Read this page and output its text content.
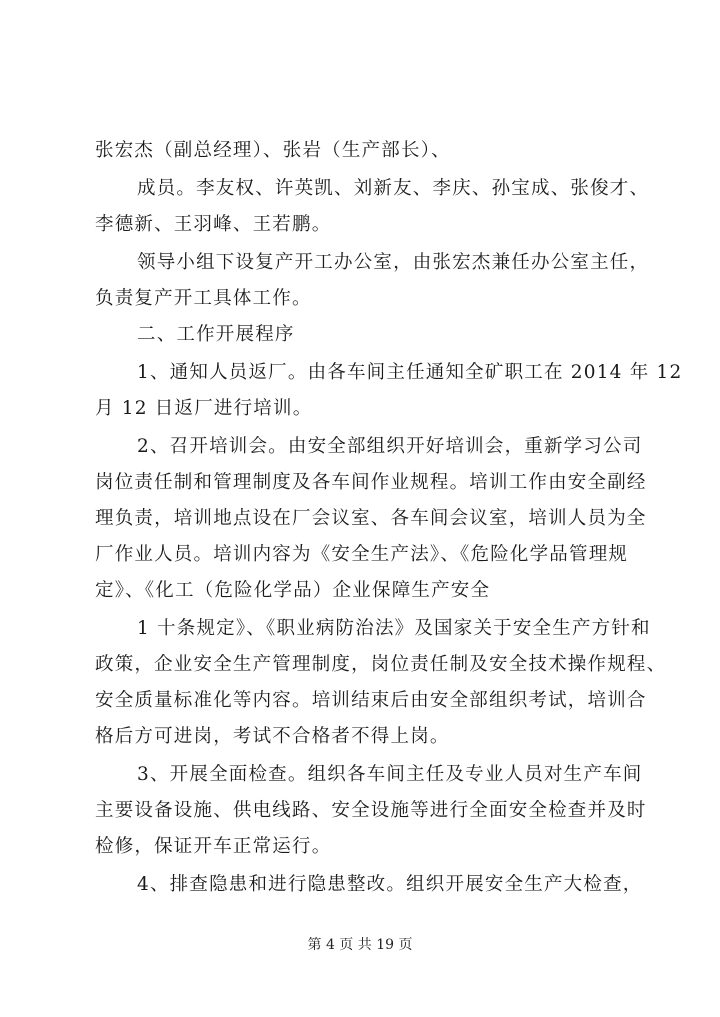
张宏杰（副总经理）、张岩（生产部长）、
成员。李友权、许英凯、刘新友、李庆、孙宝成、张俊才、
李德新、王羽峰、王若鹏。
领导小组下设复产开工办公室，由张宏杰兼任办公室主任，
负责复产开工具体工作。
二、工作开展程序
1、通知人员返厂。由各车间主任通知全矿职工在 2014 年 12
月 12 日返厂进行培训。
2、召开培训会。由安全部组织开好培训会，重新学习公司
岗位责任制和管理制度及各车间作业规程。培训工作由安全副经
理负责，培训地点设在厂会议室、各车间会议室，培训人员为全
厂作业人员。培训内容为《安全生产法》、《危险化学品管理规
定》、《化工（危险化学品）企业保障生产安全
1 十条规定》、《职业病防治法》及国家关于安全生产方针和
政策，企业安全生产管理制度，岗位责任制及安全技术操作规程、
安全质量标准化等内容。培训结束后由安全部组织考试，培训合
格后方可进岗，考试不合格者不得上岗。
3、开展全面检查。组织各车间主任及专业人员对生产车间
主要设备设施、供电线路、安全设施等进行全面安全检查并及时
检修，保证开车正常运行。
4、排查隐患和进行隐患整改。组织开展安全生产大检查，
第 4 页 共 19 页
